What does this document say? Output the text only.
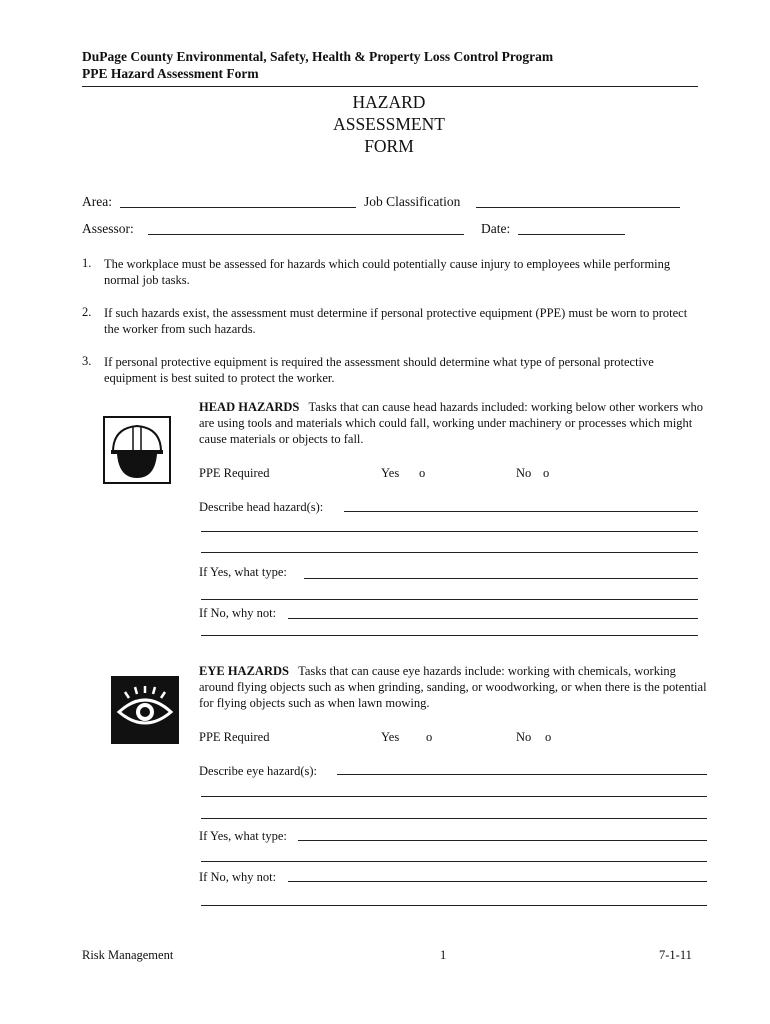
DuPage County Environmental, Safety, Health & Property Loss Control Program
PPE Hazard Assessment Form
HAZARD
ASSESSMENT
FORM
Area:	Job Classification
Assessor:	Date:
1.	The workplace must be assessed for hazards which could potentially cause injury to employees while performing normal job tasks.
2.	If such hazards exist, the assessment must determine if personal protective equipment (PPE) must be worn to protect the worker from such hazards.
3.	If personal protective equipment is required the assessment should determine what type of personal protective equipment is best suited to protect the worker.
HEAD HAZARDS Tasks that can cause head hazards included: working below other workers who are using tools and materials which could fall, working under machinery or processes which might cause materials or objects to fall.
PPE Required	Yes o	No o
Describe head hazard(s):
If Yes, what type:
If No, why not:
EYE HAZARDS Tasks that can cause eye hazards include: working with chemicals, working around flying objects such as when grinding, sanding, or woodworking, or when there is the potential for flying objects such as when lawn mowing.
PPE Required	Yes o	No o
Describe eye hazard(s):
If Yes, what type:
If No, why not:
Risk Management	1	7-1-11
